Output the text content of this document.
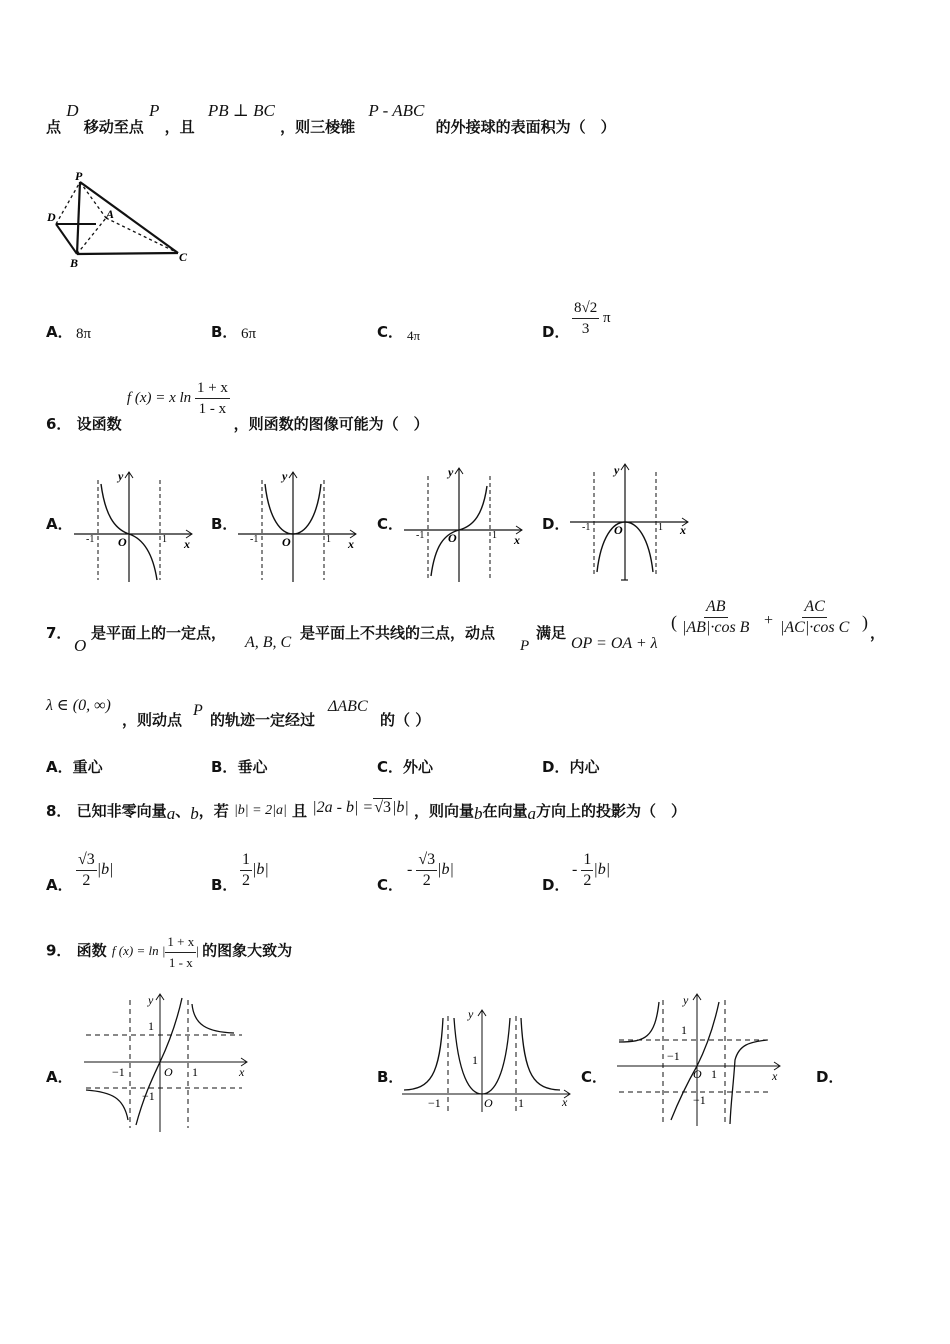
点 D 移动至点 P ，且 PB ⊥ BC ，则三棱锥 P - ABC 的外接球的表面积为（　）
P
D	A
B	C
A． 8π	B． 6π	C． 4π	D． $\frac{8√2}{3}$ π
6． 设函数 f (x) = x $\ln \frac{1 + x}{1 - x}$
，则函数的图像可能为（　）
A．	B．	C．	D．
y
x
O
-1	1
y
x
O
-1	1
y
x
O
-1	1
y
x
O
-1	1
7．
O
是平面上的一定点，
A, B, C
是平面上不共线的三点，动点
P
满足
OP = OA + λ
( $\frac{AB}{\text{|AB|·cos B}} + \frac{AC}{\text{|AC|·cos C}}$ )
，
λ ∈ (0, ∞)
，则动点
P
的轨迹一定经过
ΔABC
的（ ）
A．重心	B．垂心	C．外心	D．内心
8． 已知非零向量a、b，若 |b| = 2|a| 且 |2a - b| =√3|b| ，则向量b在向量a方向上的投影为（　）
A． $\frac{√3}{2} |b|$
B． $\frac{1}{2} |b|$
C．
- $\frac{√3}{2} |b|$
D．
- $\frac{1}{2} |b|$
9． 函数 f (x) = ln | $\frac{1 + x}{1 - x}$ | 的图象大致为
A．	B．	C．	D．
y
x
O
−1	1
1
−1
y
x
O
−1	1
1
y
x
O
−1
1
1
−1
